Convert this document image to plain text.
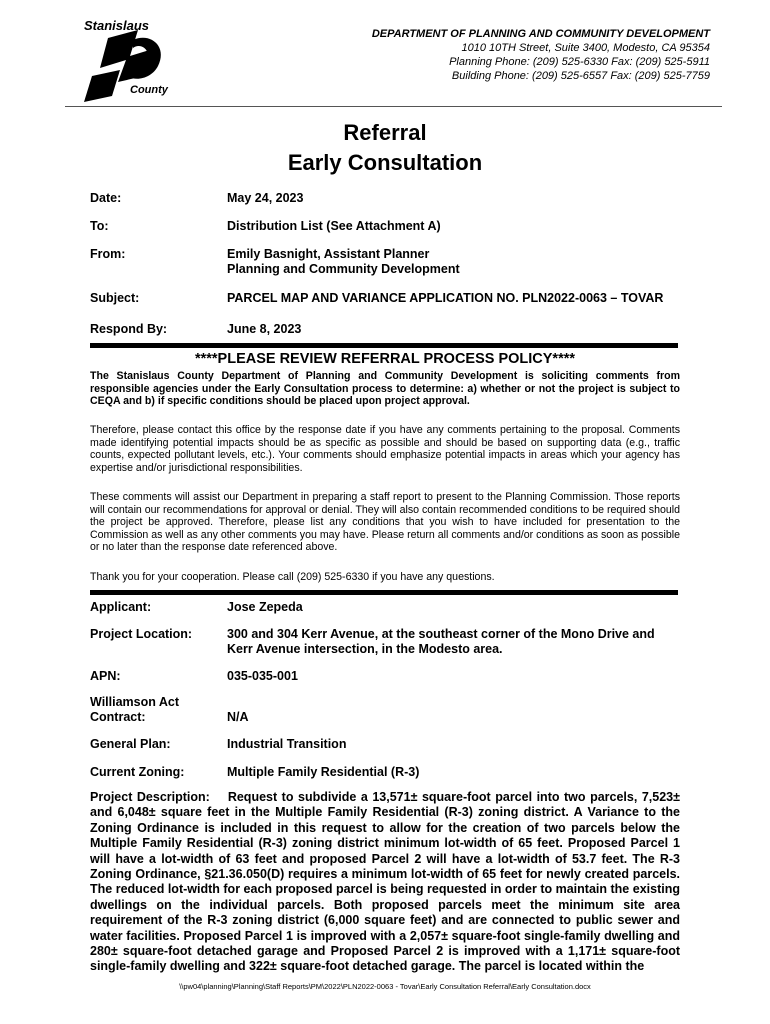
Stanislaus
County
DEPARTMENT OF PLANNING AND COMMUNITY DEVELOPMENT
1010 10TH Street, Suite 3400, Modesto, CA 95354
Planning Phone: (209) 525-6330 Fax: (209) 525-5911
Building Phone: (209) 525-6557 Fax: (209) 525-7759
Referral
Early Consultation
Date:	May 24, 2023
To:	Distribution List (See Attachment A)
From:	Emily Basnight, Assistant Planner
Planning and Community Development
Subject:	PARCEL MAP AND VARIANCE APPLICATION NO. PLN2022-0063 – TOVAR
Respond By:	June 8, 2023
****PLEASE REVIEW REFERRAL PROCESS POLICY****
The Stanislaus County Department of Planning and Community Development is soliciting comments from responsible agencies under the Early Consultation process to determine: a) whether or not the project is subject to CEQA and b) if specific conditions should be placed upon project approval.
Therefore, please contact this office by the response date if you have any comments pertaining to the proposal. Comments made identifying potential impacts should be as specific as possible and should be based on supporting data (e.g., traffic counts, expected pollutant levels, etc.). Your comments should emphasize potential impacts in areas which your agency has expertise and/or jurisdictional responsibilities.
These comments will assist our Department in preparing a staff report to present to the Planning Commission. Those reports will contain our recommendations for approval or denial. They will also contain recommended conditions to be required should the project be approved. Therefore, please list any conditions that you wish to have included for presentation to the Commission as well as any other comments you may have. Please return all comments and/or conditions as soon as possible or no later than the response date referenced above.
Thank you for your cooperation. Please call (209) 525-6330 if you have any questions.
Applicant:	Jose Zepeda
Project Location:	300 and 304 Kerr Avenue, at the southeast corner of the Mono Drive and Kerr Avenue intersection, in the Modesto area.
APN:	035-035-001
Williamson Act
Contract:	N/A
General Plan:	Industrial Transition
Current Zoning:	Multiple Family Residential (R-3)
Project Description: Request to subdivide a 13,571± square-foot parcel into two parcels, 7,523± and 6,048± square feet in the Multiple Family Residential (R-3) zoning district. A Variance to the Zoning Ordinance is included in this request to allow for the creation of two parcels below the Multiple Family Residential (R-3) zoning district minimum lot-width of 65 feet. Proposed Parcel 1 will have a lot-width of 63 feet and proposed Parcel 2 will have a lot-width of 53.7 feet. The R-3 Zoning Ordinance, §21.36.050(D) requires a minimum lot-width of 65 feet for newly created parcels. The reduced lot-width for each proposed parcel is being requested in order to maintain the existing dwellings on the individual parcels. Both proposed parcels meet the minimum site area requirement of the R-3 zoning district (6,000 square feet) and are connected to public sewer and water facilities. Proposed Parcel 1 is improved with a 2,057± square-foot single-family dwelling and 280± square-foot detached garage and Proposed Parcel 2 is improved with a 1,171± square-foot single-family dwelling and 322± square-foot detached garage. The parcel is located within the
\\pw04\planning\Planning\Staff Reports\PM\2022\PLN2022-0063 - Tovar\Early Consultation Referral\Early Consultation.docx
